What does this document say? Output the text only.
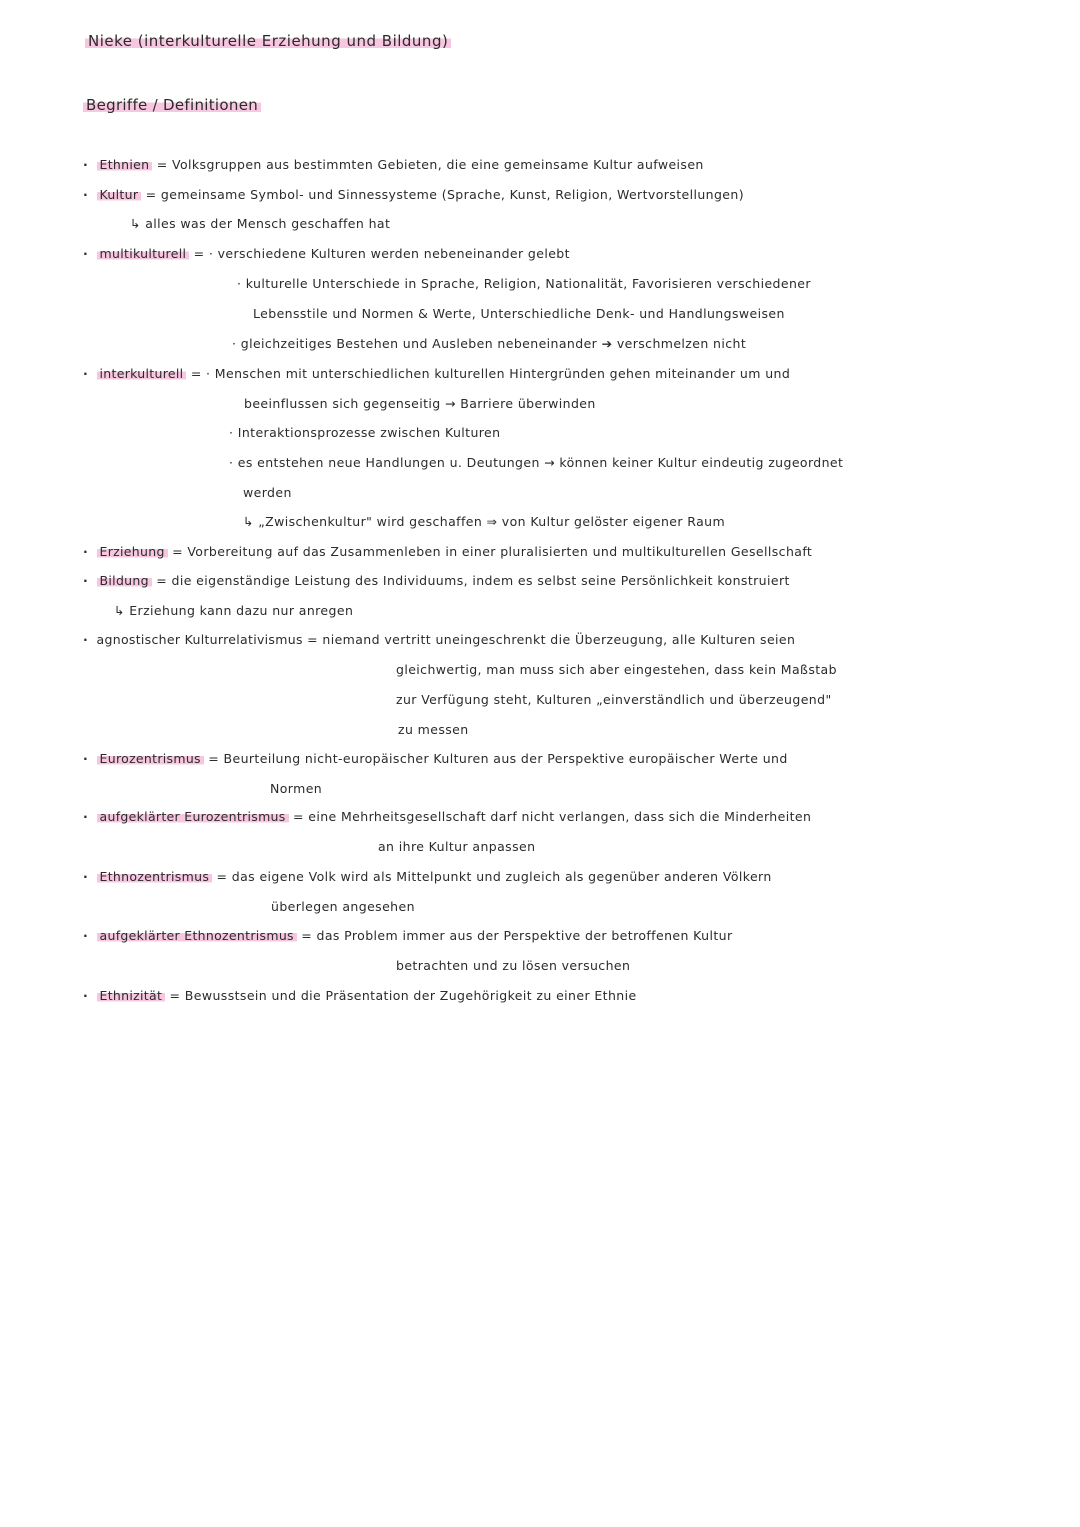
Nieke (interkulturelle Erziehung und Bildung)
Begriffe / Definitionen
· Ethnien = Volksgruppen aus bestimmten Gebieten, die eine gemeinsame Kultur aufweisen
· Kultur = gemeinsame Symbol- und Sinnessysteme (Sprache, Kunst, Religion, Wertvorstellungen)
↳ alles was der Mensch geschaffen hat
· multikulturell = · verschiedene Kulturen werden nebeneinander gelebt
· kulturelle Unterschiede in Sprache, Religion, Nationalität, Favorisieren verschiedener
Lebensstile und Normen & Werte, Unterschiedliche Denk- und Handlungsweisen
· gleichzeitiges Bestehen und Ausleben nebeneinander ➔ verschmelzen nicht
· interkulturell = · Menschen mit unterschiedlichen kulturellen Hintergründen gehen miteinander um und
beeinflussen sich gegenseitig → Barriere überwinden
· Interaktionsprozesse zwischen Kulturen
· es entstehen neue Handlungen u. Deutungen → können keiner Kultur eindeutig zugeordnet
werden
↳ „Zwischenkultur" wird geschaffen ⇒ von Kultur gelöster eigener Raum
· Erziehung = Vorbereitung auf das Zusammenleben in einer pluralisierten und multikulturellen Gesellschaft
· Bildung = die eigenständige Leistung des Individuums, indem es selbst seine Persönlichkeit konstruiert
↳ Erziehung kann dazu nur anregen
· agnostischer Kulturrelativismus = niemand vertritt uneingeschrenkt die Überzeugung, alle Kulturen seien
gleichwertig, man muss sich aber eingestehen, dass kein Maßstab
zur Verfügung steht, Kulturen „einverständlich und überzeugend"
zu messen
· Eurozentrismus = Beurteilung nicht-europäischer Kulturen aus der Perspektive europäischer Werte und
Normen
· aufgeklärter Eurozentrismus = eine Mehrheitsgesellschaft darf nicht verlangen, dass sich die Minderheiten
an ihre Kultur anpassen
· Ethnozentrismus = das eigene Volk wird als Mittelpunkt und zugleich als gegenüber anderen Völkern
überlegen angesehen
· aufgeklärter Ethnozentrismus = das Problem immer aus der Perspektive der betroffenen Kultur
betrachten und zu lösen versuchen
· Ethnizität = Bewusstsein und die Präsentation der Zugehörigkeit zu einer Ethnie
